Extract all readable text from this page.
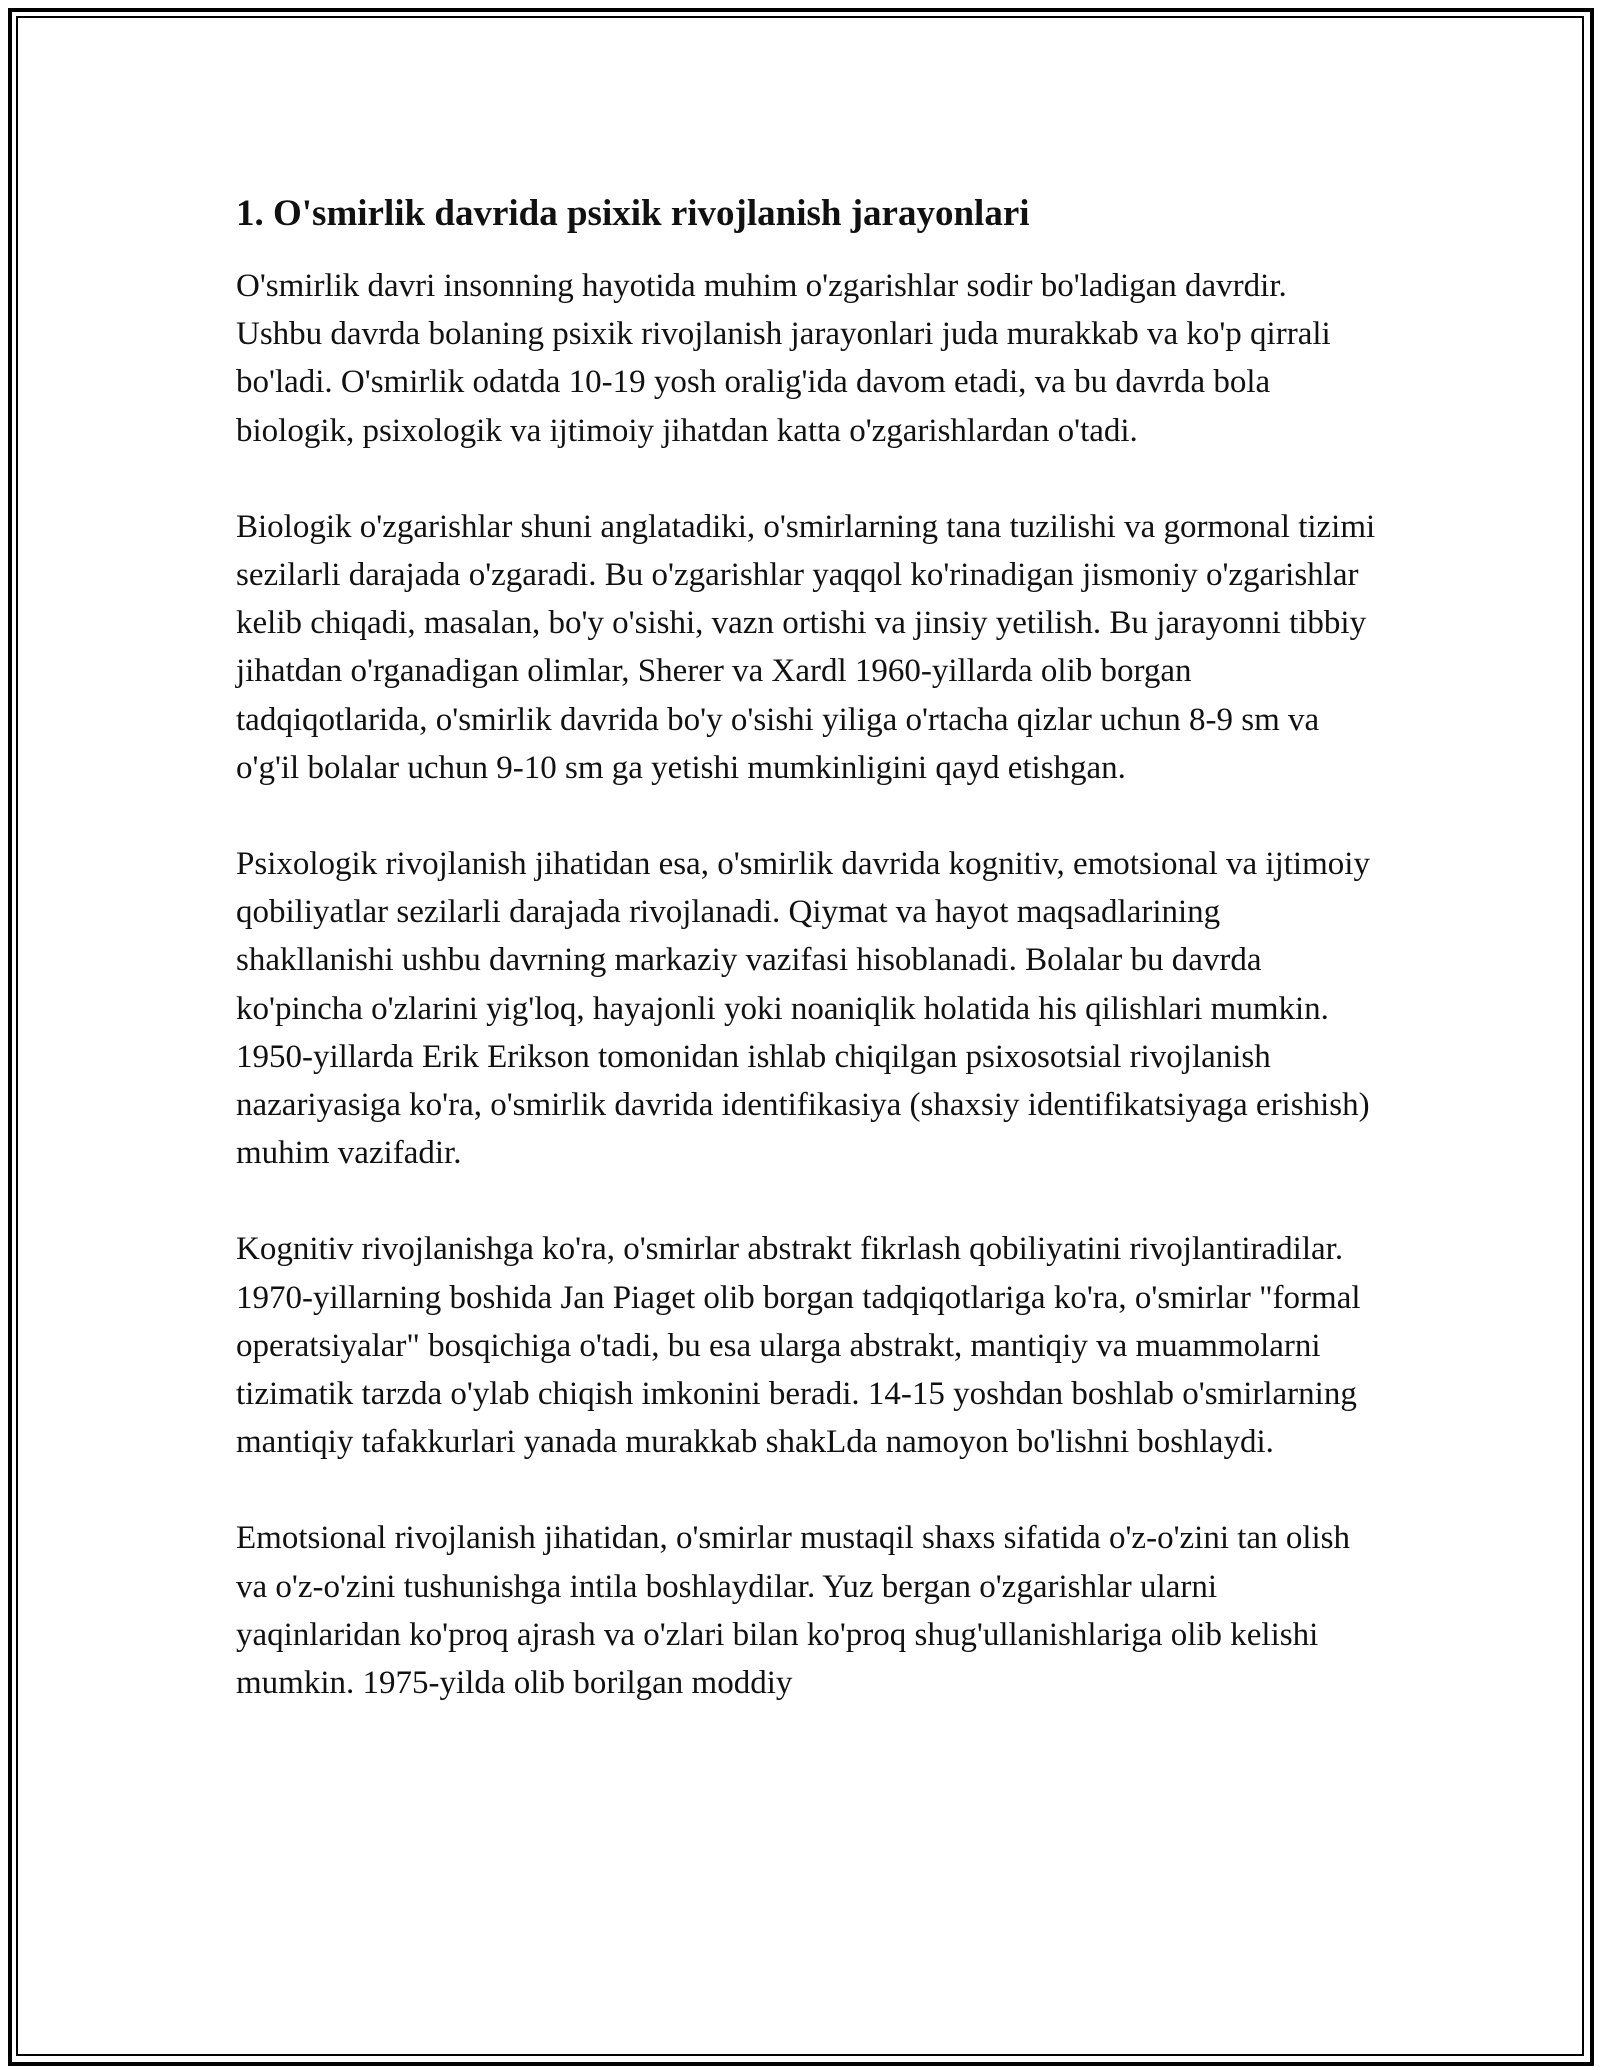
1. O'smirlik davrida psixik rivojlanish jarayonlari

O'smirlik davri insonning hayotida muhim o'zgarishlar sodir bo'ladigan davrdir. Ushbu davrda bolaning psixik rivojlanish jarayonlari juda murakkab va ko'p qirrali bo'ladi. O'smirlik odatda 10-19 yosh oralig'ida davom etadi, va bu davrda bola biologik, psixologik va ijtimoiy jihatdan katta o'zgarishlardan o'tadi.

Biologik o'zgarishlar shuni anglatadiki, o'smirlarning tana tuzilishi va gormonal tizimi sezilarli darajada o'zgaradi. Bu o'zgarishlar yaqqol ko'rinadigan jismoniy o'zgarishlar kelib chiqadi, masalan, bo'y o'sishi, vazn ortishi va jinsiy yetilish. Bu jarayonni tibbiy jihatdan o'rganadigan olimlar, Sherer va Xardl 1960-yillarda olib borgan tadqiqotlarida, o'smirlik davrida bo'y o'sishi yiliga o'rtacha qizlar uchun 8-9 sm va o'g'il bolalar uchun 9-10 sm ga yetishi mumkinligini qayd etishgan.

Psixologik rivojlanish jihatidan esa, o'smirlik davrida kognitiv, emotsional va ijtimoiy qobiliyatlar sezilarli darajada rivojlanadi. Qiymat va hayot maqsadlarining shakllanishi ushbu davrning markaziy vazifasi hisoblanadi. Bolalar bu davrda ko'pincha o'zlarini yig'loq, hayajonli yoki noaniqlik holatida his qilishlari mumkin. 1950-yillarda Erik Erikson tomonidan ishlab chiqilgan psixosotsial rivojlanish nazariyasiga ko'ra, o'smirlik davrida identifikasiya (shaxsiy identifikatsiyaga erishish) muhim vazifadir.

Kognitiv rivojlanishga ko'ra, o'smirlar abstrakt fikrlash qobiliyatini rivojlantiradilar. 1970-yillarning boshida Jan Piaget olib borgan tadqiqotlariga ko'ra, o'smirlar "formal operatsiyalar" bosqichiga o'tadi, bu esa ularga abstrakt, mantiqiy va muammolarni tizimatik tarzda o'ylab chiqish imkonini beradi. 14-15 yoshdan boshlab o'smirlarning mantiqiy tafakkurlari yanada murakkab shakLda namoyon bo'lishni boshlaydi.

Emotsional rivojlanish jihatidan, o'smirlar mustaqil shaxs sifatida o'z-o'zini tan olish va o'z-o'zini tushunishga intila boshlaydilar. Yuz bergan o'zgarishlar ularni yaqinlaridan ko'proq ajrash va o'zlari bilan ko'proq shug'ullanishlariga olib kelishi mumkin. 1975-yilda olib borilgan moddiy
